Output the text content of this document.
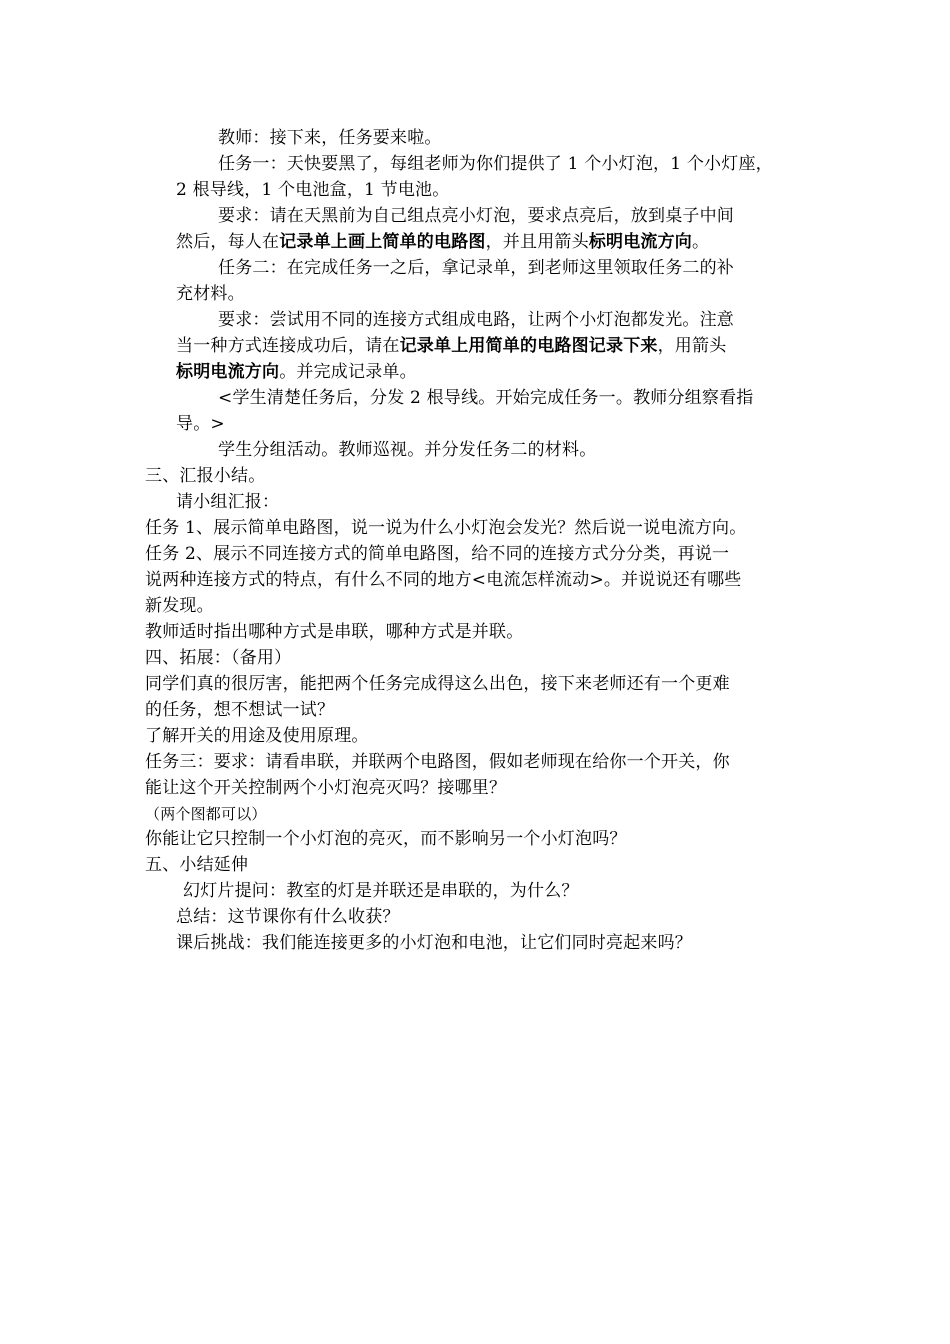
教师：接下来，任务要来啦。
任务一：天快要黑了，每组老师为你们提供了 1 个小灯泡，1 个小灯座，
2 根导线，1 个电池盒，1 节电池。
要求：请在天黑前为自己组点亮小灯泡，要求点亮后，放到桌子中间
然后，每人在记录单上画上简单的电路图，并且用箭头标明电流方向。
任务二：在完成任务一之后，拿记录单，到老师这里领取任务二的补
充材料。
要求：尝试用不同的连接方式组成电路，让两个小灯泡都发光。注意
当一种方式连接成功后，请在记录单上用简单的电路图记录下来，用箭头
标明电流方向。并完成记录单。
<学生清楚任务后，分发 2 根导线。开始完成任务一。教师分组察看指
导。>
学生分组活动。教师巡视。并分发任务二的材料。
三、汇报小结。
请小组汇报：
任务 1、展示简单电路图，说一说为什么小灯泡会发光？然后说一说电流方向。
任务 2、展示不同连接方式的简单电路图，给不同的连接方式分分类，再说一
说两种连接方式的特点，有什么不同的地方<电流怎样流动>。并说说还有哪些
新发现。
教师适时指出哪种方式是串联，哪种方式是并联。
四、拓展：（备用）
同学们真的很厉害，能把两个任务完成得这么出色，接下来老师还有一个更难
的任务，想不想试一试？
了解开关的用途及使用原理。
任务三：要求：请看串联，并联两个电路图，假如老师现在给你一个开关，你
能让这个开关控制两个小灯泡亮灭吗？接哪里？
（两个图都可以）
你能让它只控制一个小灯泡的亮灭，而不影响另一个小灯泡吗？
五、小结延伸
幻灯片提问：教室的灯是并联还是串联的，为什么？
总结：这节课你有什么收获？
课后挑战：我们能连接更多的小灯泡和电池，让它们同时亮起来吗？
